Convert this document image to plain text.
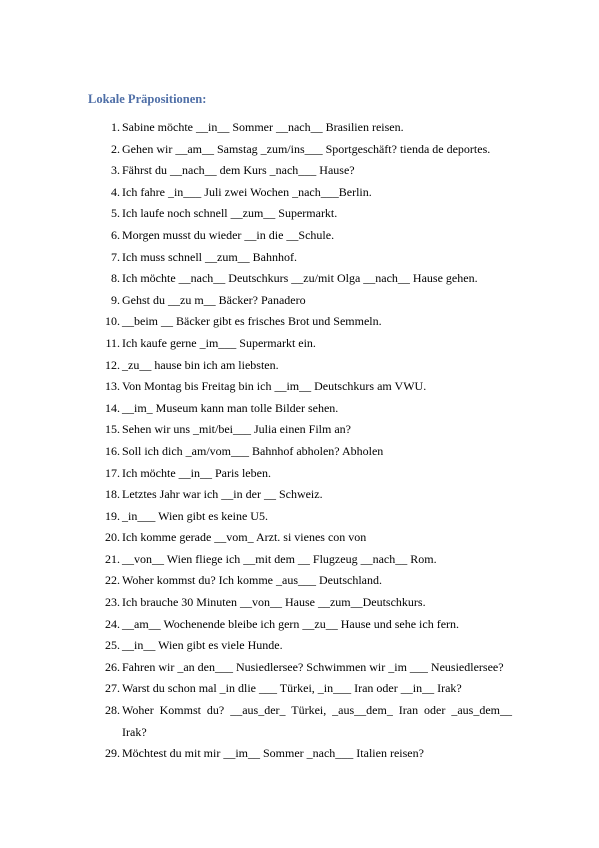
Lokale Präpositionen:
1. Sabine möchte __in__ Sommer __nach__ Brasilien reisen.
2. Gehen wir __am__ Samstag _zum/ins___ Sportgeschäft? tienda de deportes.
3. Fährst du __nach__ dem Kurs _nach___ Hause?
4. Ich fahre _in___ Juli zwei Wochen _nach___Berlin.
5. Ich laufe noch schnell __zum__ Supermarkt.
6. Morgen musst du wieder __in die __Schule.
7. Ich muss schnell __zum__ Bahnhof.
8. Ich möchte __nach__ Deutschkurs __zu/mit Olga __nach__ Hause gehen.
9. Gehst du __zu m__ Bäcker? Panadero
10. __beim __ Bäcker gibt es frisches Brot und Semmeln.
11. Ich kaufe gerne _im___ Supermarkt ein.
12. _zu__ hause bin ich am liebsten.
13. Von Montag bis Freitag bin ich __im__ Deutschkurs am VWU.
14. __im_ Museum kann man tolle Bilder sehen.
15. Sehen wir uns _mit/bei___ Julia einen Film an?
16. Soll ich dich _am/vom___ Bahnhof abholen? Abholen
17. Ich möchte __in__ Paris leben.
18. Letztes Jahr war ich __in der __ Schweiz.
19. _in___ Wien gibt es keine U5.
20. Ich komme gerade __vom_ Arzt. si vienes con von
21. __von__ Wien fliege ich __mit dem __ Flugzeug __nach__ Rom.
22. Woher kommst du? Ich komme _aus___ Deutschland.
23. Ich brauche 30 Minuten __von__ Hause __zum__Deutschkurs.
24. __am__ Wochenende bleibe ich gern __zu__ Hause und sehe ich fern.
25. __in__ Wien gibt es viele Hunde.
26. Fahren wir _an den___ Nusiedlersee? Schwimmen wir _im ___ Neusiedlersee?
27. Warst du schon mal _in dlie ___ Türkei, _in___ Iran oder __in__ Irak?
28. Woher Kommst du? __aus_der_ Türkei, _aus__dem_ Iran oder _aus_dem__ Irak?
29. Möchtest du mit mir __im__ Sommer _nach___ Italien reisen?
